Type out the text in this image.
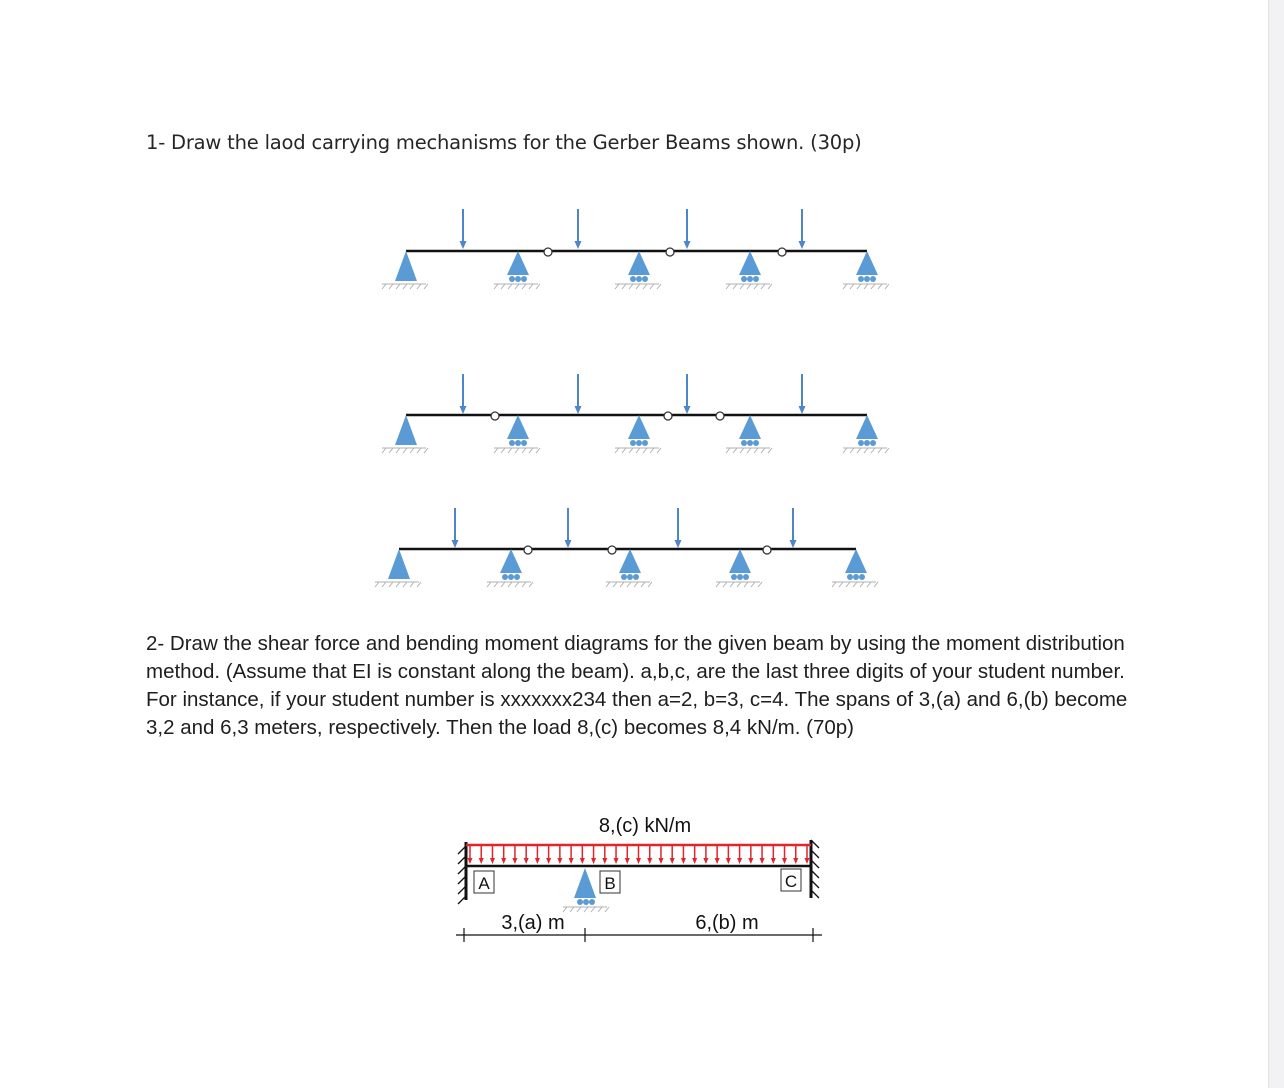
1- Draw the laod carrying mechanisms for the Gerber Beams shown. (30p)

8,(c) kN/m
A	B	C
3,(a) m	6,(b) m

2- Draw the shear force and bending moment diagrams for the given beam by using the moment distribution method. (Assume that EI is constant along the beam). a,b,c, are the last three digits of your student number. For instance, if your student number is xxxxxxx234 then a=2, b=3, c=4. The spans of 3,(a) and 6,(b) become 3,2 and 6,3 meters, respectively. Then the load 8,(c) becomes 8,4 kN/m. (70p)
